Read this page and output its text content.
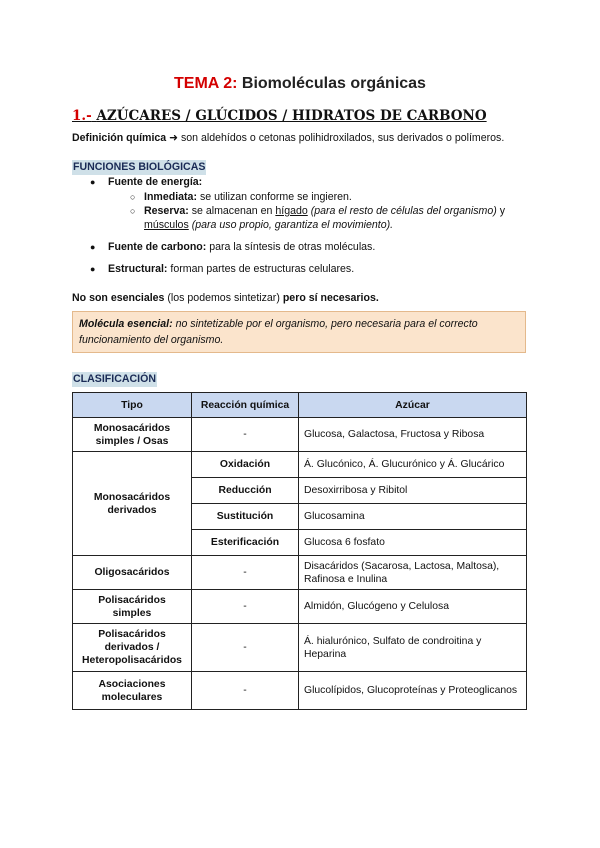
TEMA 2: Biomoléculas orgánicas
1.- AZÚCARES / GLÚCIDOS / HIDRATOS DE CARBONO
Definición química ➜ son aldehídos o cetonas polihidroxilados, sus derivados o polímeros.
FUNCIONES BIOLÓGICAS
● Fuente de energía:
○ Inmediata: se utilizan conforme se ingieren.
○ Reserva: se almacenan en hígado (para el resto de células del organismo) y
músculos (para uso propio, garantiza el movimiento).
● Fuente de carbono: para la síntesis de otras moléculas.
● Estructural: forman partes de estructuras celulares.
No son esenciales (los podemos sintetizar) pero sí necesarios.
Molécula esencial: no sintetizable por el organismo, pero necesaria para el correcto funcionamiento del organismo.
CLASIFICACIÓN
Tipo	Reacción química	Azúcar
Monosacáridos simples / Osas	-	Glucosa, Galactosa, Fructosa y Ribosa
Monosacáridos derivados	Oxidación	Á. Glucónico, Á. Glucurónico y Á. Glucárico
	Reducción	Desoxirribosa y Ribitol
	Sustitución	Glucosamina
	Esterificación	Glucosa 6 fosfato
Oligosacáridos	-	Disacáridos (Sacarosa, Lactosa, Maltosa), Rafinosa e Inulina
Polisacáridos simples	-	Almidón, Glucógeno y Celulosa
Polisacáridos derivados / Heteropolisacáridos	-	Á. hialurónico, Sulfato de condroitina y Heparina
Asociaciones moleculares	-	Glucolípidos, Glucoproteínas y Proteoglicanos
